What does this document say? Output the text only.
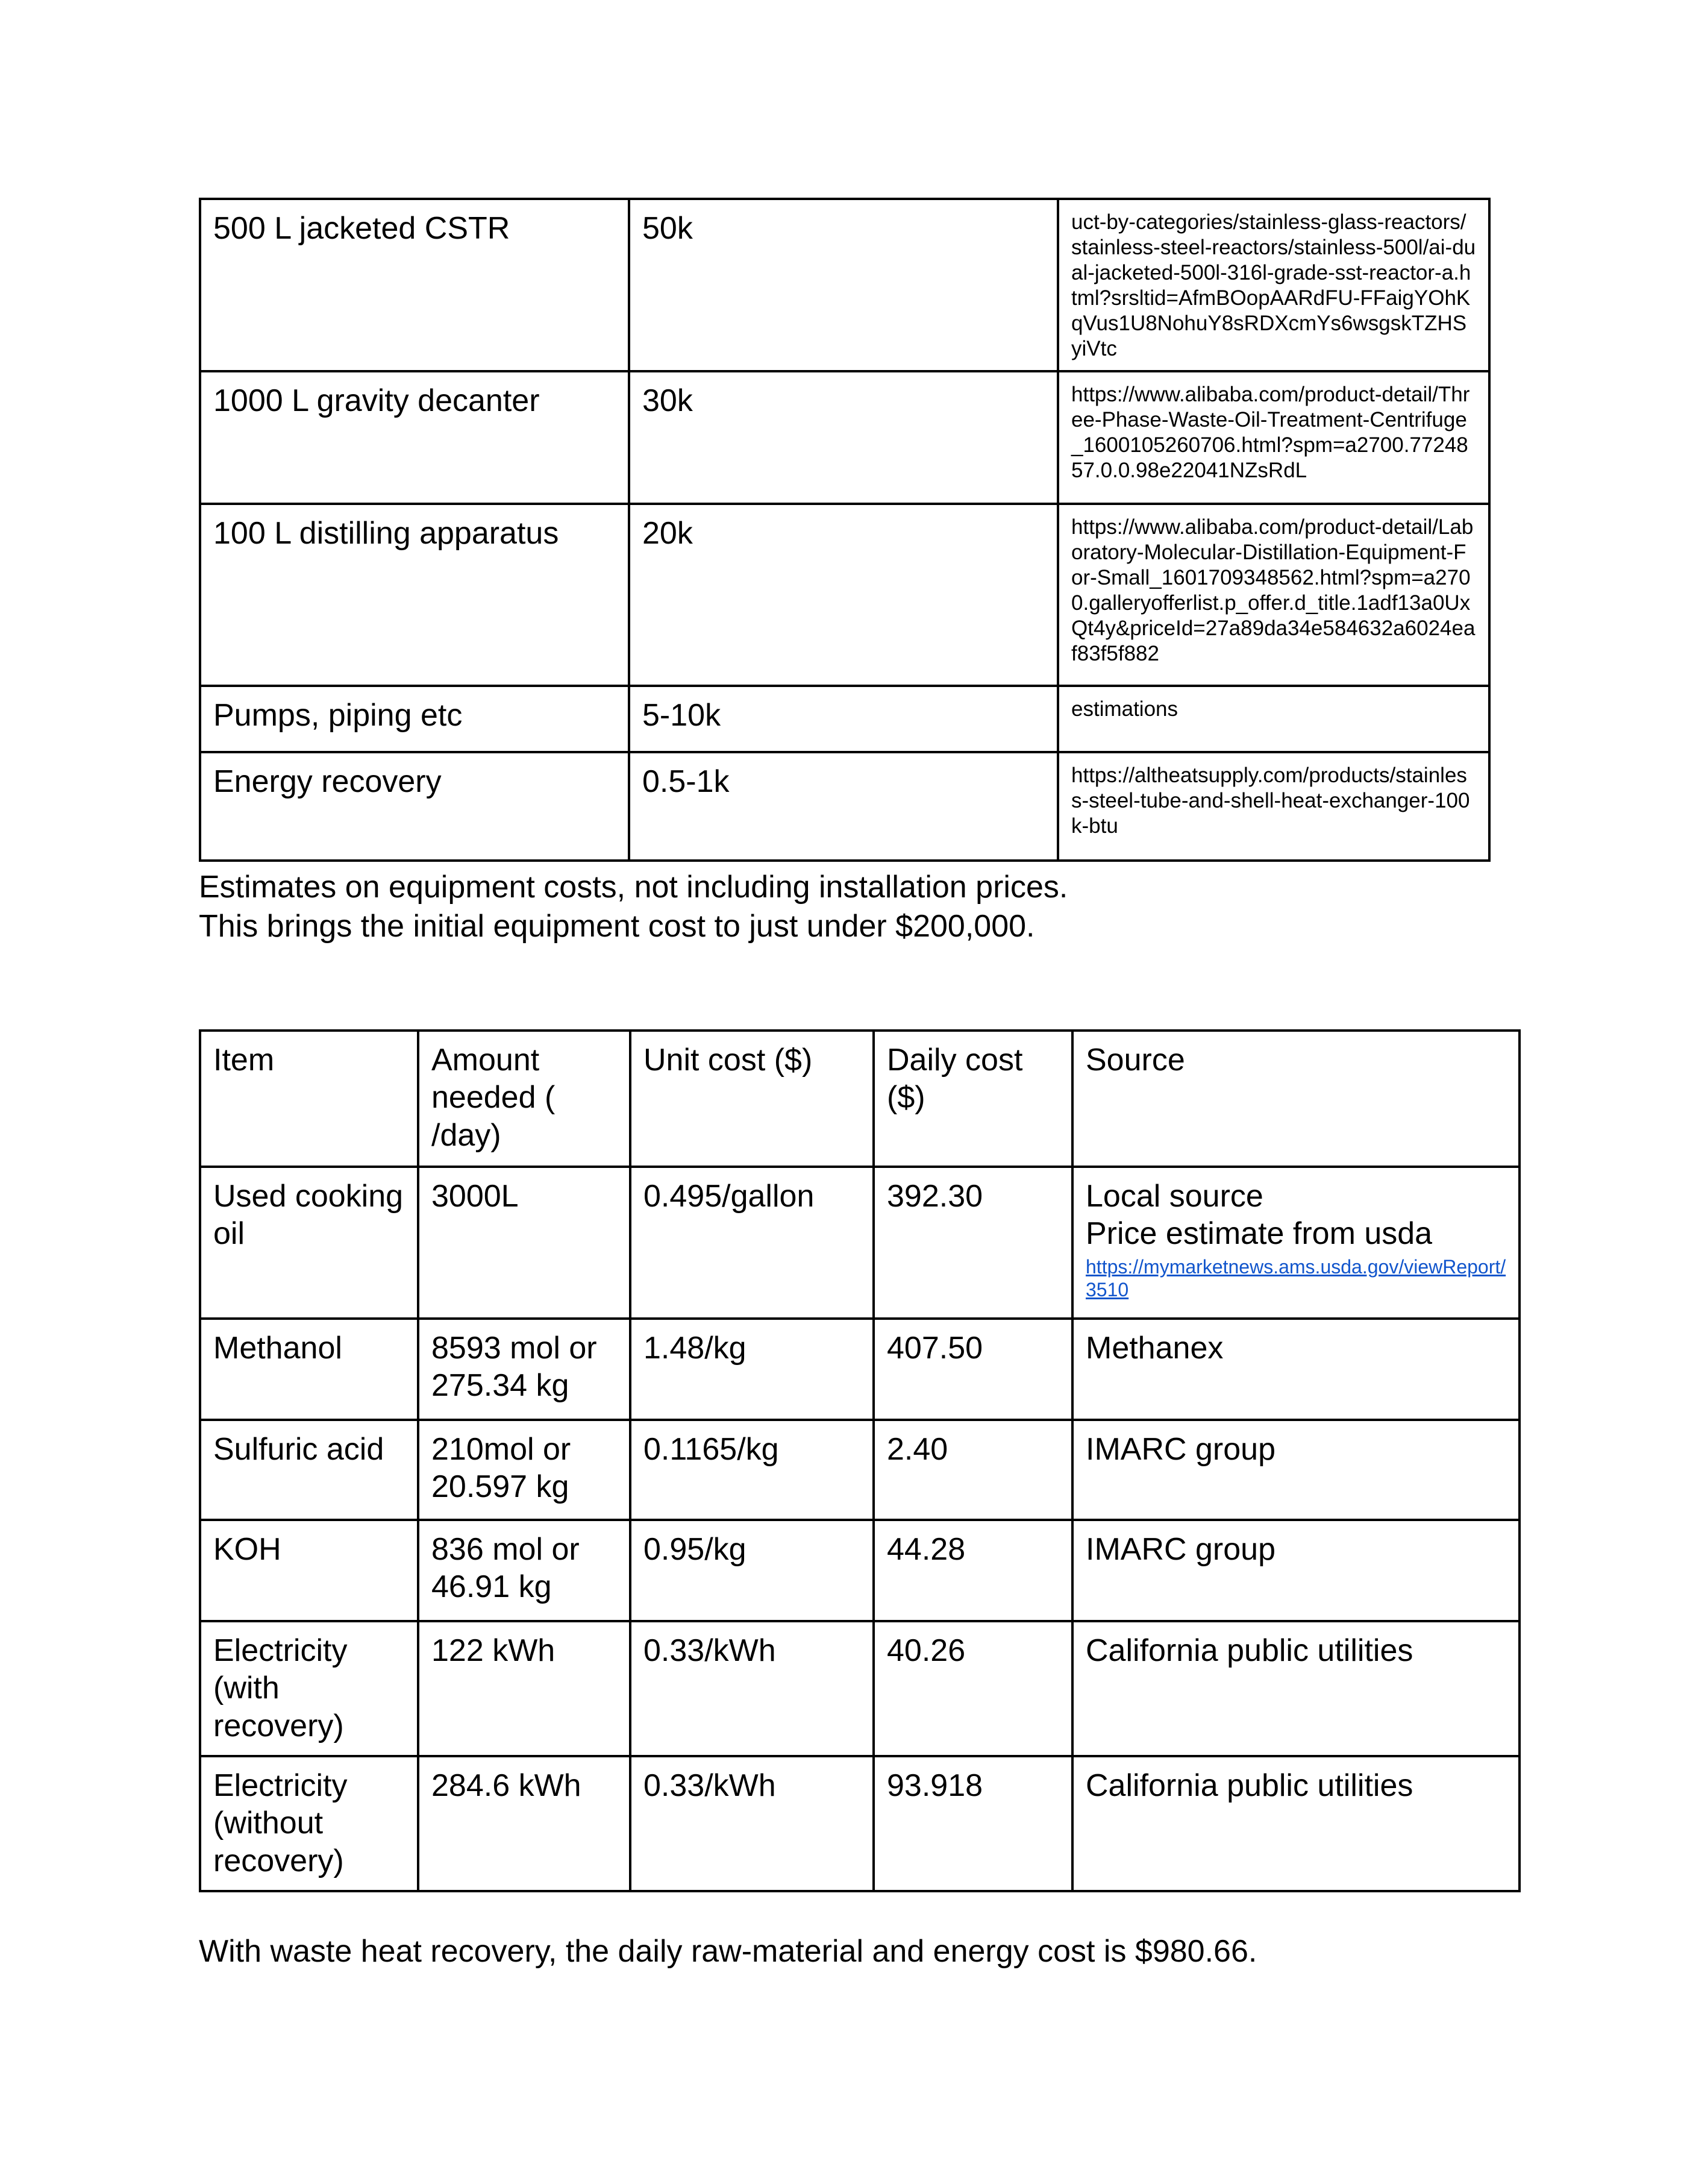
500 L jacketed CSTR	50k	uct-by-categories/stainless-glass-reactors/stainless-steel-reactors/stainless-500l/ai-dual-jacketed-500l-316l-grade-sst-reactor-a.html?srsltid=AfmBOopAARdFU-FFaigYOhKqVus1U8NohuY8sRDXcmYs6wsgskTZHSyiVtc
1000 L gravity decanter	30k	https://www.alibaba.com/product-detail/Three-Phase-Waste-Oil-Treatment-Centrifuge_1600105260706.html?spm=a2700.7724857.0.0.98e22041NZsRdL
100 L distilling apparatus	20k	https://www.alibaba.com/product-detail/Laboratory-Molecular-Distillation-Equipment-For-Small_1601709348562.html?spm=a2700.galleryofferlist.p_offer.d_title.1adf13a0UxQt4y&priceId=27a89da34e584632a6024eaf83f5f882
Pumps, piping etc	5-10k	estimations
Energy recovery	0.5-1k	https://altheatsupply.com/products/stainless-steel-tube-and-shell-heat-exchanger-100k-btu

Estimates on equipment costs, not including installation prices.
This brings the initial equipment cost to just under $200,000.

Item	Amount needed ( /day)	Unit cost ($)	Daily cost ($)	Source
Used cooking oil	3000L	0.495/gallon	392.30	Local source
Price estimate from usda
https://mymarketnews.ams.usda.gov/viewReport/3510

Methanol	8593 mol or 275.34 kg	1.48/kg	407.50	Methanex
Sulfuric acid	210mol or 20.597 kg	0.1165/kg	2.40	IMARC group
KOH	836 mol or 46.91 kg	0.95/kg	44.28	IMARC group
Electricity (with recovery)	122 kWh	0.33/kWh	40.26	California public utilities
Electricity (without recovery)	284.6 kWh	0.33/kWh	93.918	California public utilities

With waste heat recovery, the daily raw-material and energy cost is $980.66.
